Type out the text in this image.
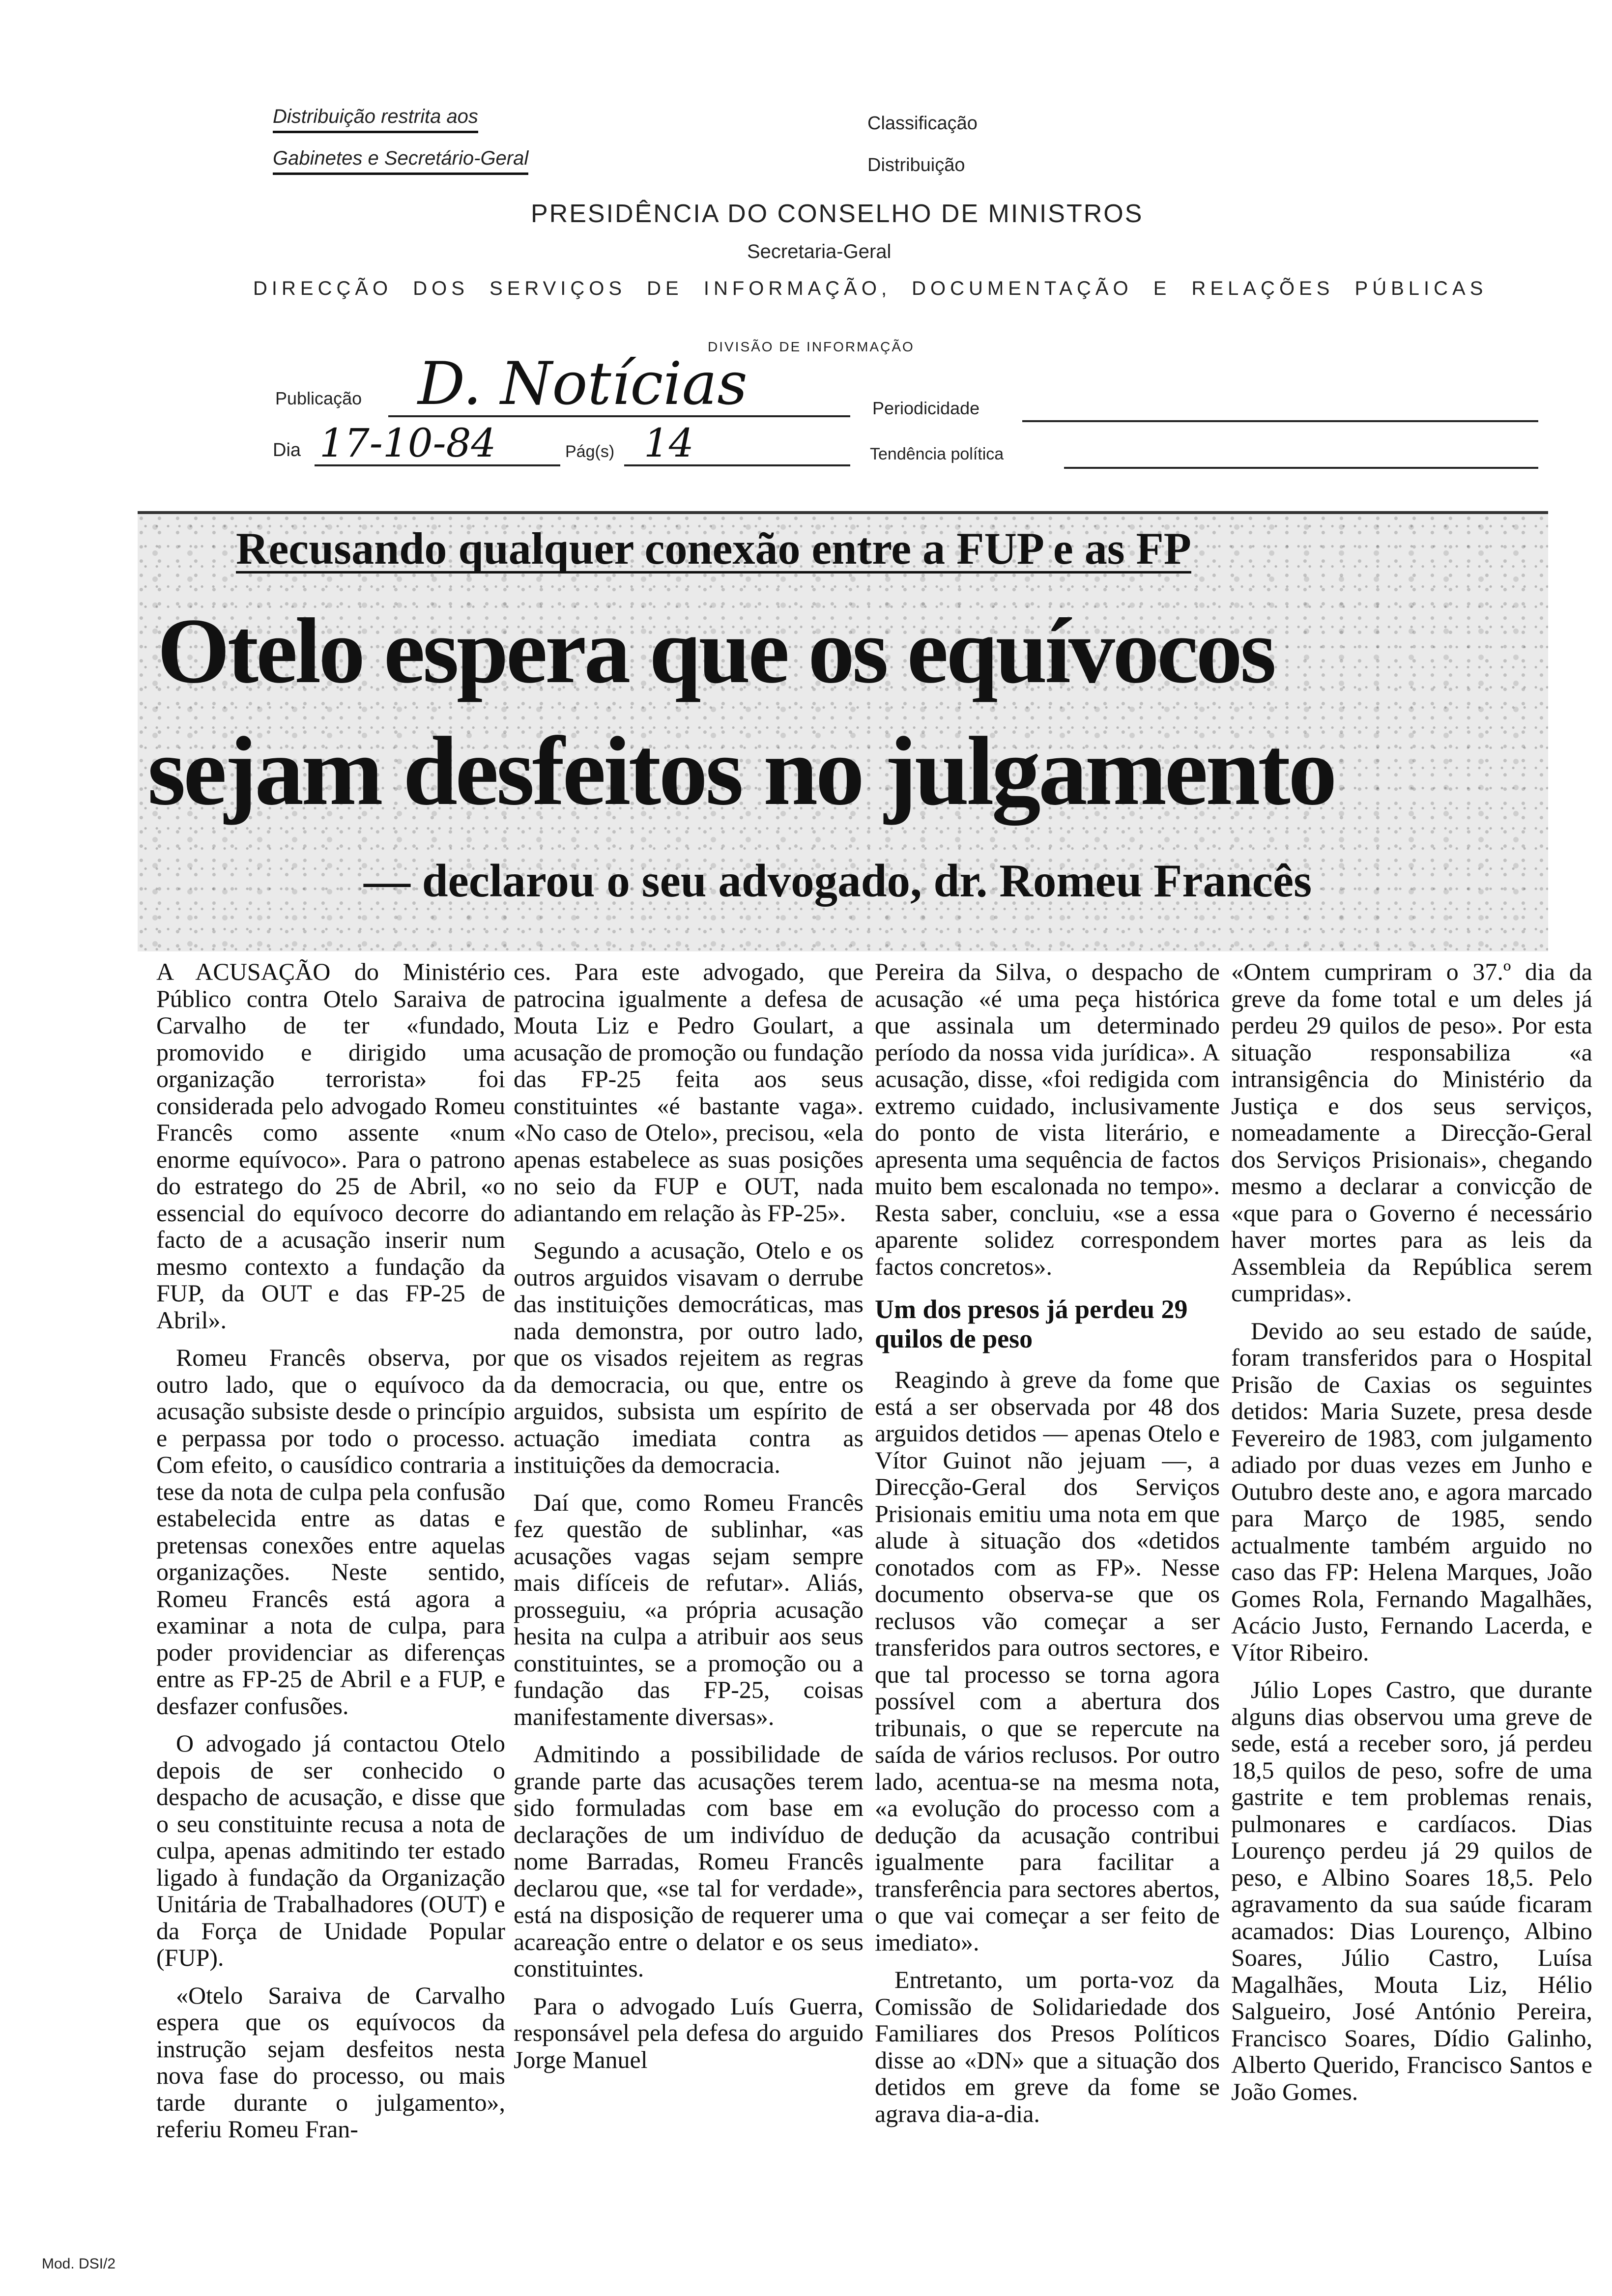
Distribuição restrita aos
Gabinetes e Secretário-Geral
Classificação
Distribuição
PRESIDÊNCIA DO CONSELHO DE MINISTROS
Secretaria-Geral
DIRECÇÃO DOS SERVIÇOS DE INFORMAÇÃO, DOCUMENTAÇÃO E RELAÇÕES PÚBLICAS
DIVISÃO DE INFORMAÇÃO
Publicação D. Notícias	Periodicidade
Dia 17-10-84	Pág(s) 14	Tendência política
Recusando qualquer conexão entre a FUP e as FP
Otelo espera que os equívocos
sejam desfeitos no julgamento
— declarou o seu advogado, dr. Romeu Francês

A ACUSAÇÃO do Ministério Público contra Otelo Saraiva de Carvalho de ter «fundado, promovido e dirigido uma organização terrorista» foi considerada pelo advogado Romeu Francês como assente «num enorme equívoco». Para o patrono do estratego do 25 de Abril, «o essencial do equívoco decorre do facto de a acusação inserir num mesmo contexto a fundação da FUP, da OUT e das FP-25 de Abril».

Romeu Francês observa, por outro lado, que o equívoco da acusação subsiste desde o princípio e perpassa por todo o processo. Com efeito, o causídico contraria a tese da nota de culpa pela confusão estabelecida entre as datas e pretensas conexões entre aquelas organizações. Neste sentido, Romeu Francês está agora a examinar a nota de culpa, para poder providenciar as diferenças entre as FP-25 de Abril e a FUP, e desfazer confusões.

O advogado já contactou Otelo depois de ser conhecido o despacho de acusação, e disse que o seu constituinte recusa a nota de culpa, apenas admitindo ter estado ligado à fundação da Organização Unitária de Trabalhadores (OUT) e da Força de Unidade Popular (FUP).

«Otelo Saraiva de Carvalho espera que os equívocos da instrução sejam desfeitos nesta nova fase do processo, ou mais tarde durante o julgamento», referiu Romeu Fran-

ces. Para este advogado, que patrocina igualmente a defesa de Mouta Liz e Pedro Goulart, a acusação de promoção ou fundação das FP-25 feita aos seus constituintes «é bastante vaga». «No caso de Otelo», precisou, «ela apenas estabelece as suas posições no seio da FUP e OUT, nada adiantando em relação às FP-25».

Segundo a acusação, Otelo e os outros arguidos visavam o derrube das instituições democráticas, mas nada demonstra, por outro lado, que os visados rejeitem as regras da democracia, ou que, entre os arguidos, subsista um espírito de actuação imediata contra as instituições da democracia.

Daí que, como Romeu Francês fez questão de sublinhar, «as acusações vagas sejam sempre mais difíceis de refutar». Aliás, prosseguiu, «a própria acusação hesita na culpa a atribuir aos seus constituintes, se a promoção ou a fundação das FP-25, coisas manifestamente diversas».

Admitindo a possibilidade de grande parte das acusações terem sido formuladas com base em declarações de um indivíduo de nome Barradas, Romeu Francês declarou que, «se tal for verdade», está na disposição de requerer uma acareação entre o delator e os seus constituintes.

Para o advogado Luís Guerra, responsável pela defesa do arguido Jorge Manuel

Pereira da Silva, o despacho de acusação «é uma peça histórica que assinala um determinado período da nossa vida jurídica». A acusação, disse, «foi redigida com extremo cuidado, inclusivamente do ponto de vista literário, e apresenta uma sequência de factos muito bem escalonada no tempo». Resta saber, concluiu, «se a essa aparente solidez correspondem factos concretos».

Um dos presos já perdeu 29 quilos de peso

Reagindo à greve da fome que está a ser observada por 48 dos arguidos detidos — apenas Otelo e Vítor Guinot não jejuam —, a Direcção-Geral dos Serviços Prisionais emitiu uma nota em que alude à situação dos «detidos conotados com as FP». Nesse documento observa-se que os reclusos vão começar a ser transferidos para outros sectores, e que tal processo se torna agora possível com a abertura dos tribunais, o que se repercute na saída de vários reclusos. Por outro lado, acentua-se na mesma nota, «a evolução do processo com a dedução da acusação contribui igualmente para facilitar a transferência para sectores abertos, o que vai começar a ser feito de imediato».

Entretanto, um porta-voz da Comissão de Solidariedade dos Familiares dos Presos Políticos disse ao «DN» que a situação dos detidos em greve da fome se agrava dia-a-dia.

«Ontem cumpriram o 37.º dia da greve da fome total e um deles já perdeu 29 quilos de peso». Por esta situação responsabiliza «a intransigência do Ministério da Justiça e dos seus serviços, nomeadamente a Direcção-Geral dos Serviços Prisionais», chegando mesmo a declarar a convicção de «que para o Governo é necessário haver mortes para as leis da Assembleia da República serem cumpridas».

Devido ao seu estado de saúde, foram transferidos para o Hospital Prisão de Caxias os seguintes detidos: Maria Suzete, presa desde Fevereiro de 1983, com julgamento adiado por duas vezes em Junho e Outubro deste ano, e agora marcado para Março de 1985, sendo actualmente também arguido no caso das FP: Helena Marques, João Gomes Rola, Fernando Magalhães, Acácio Justo, Fernando Lacerda, e Vítor Ribeiro.

Júlio Lopes Castro, que durante alguns dias observou uma greve de sede, está a receber soro, já perdeu 18,5 quilos de peso, sofre de uma gastrite e tem problemas renais, pulmonares e cardíacos. Dias Lourenço perdeu já 29 quilos de peso, e Albino Soares 18,5. Pelo agravamento da sua saúde ficaram acamados: Dias Lourenço, Albino Soares, Júlio Castro, Luísa Magalhães, Mouta Liz, Hélio Salgueiro, José António Pereira, Francisco Soares, Dídio Galinho, Alberto Querido, Francisco Santos e João Gomes.

Mod. DSI/2
